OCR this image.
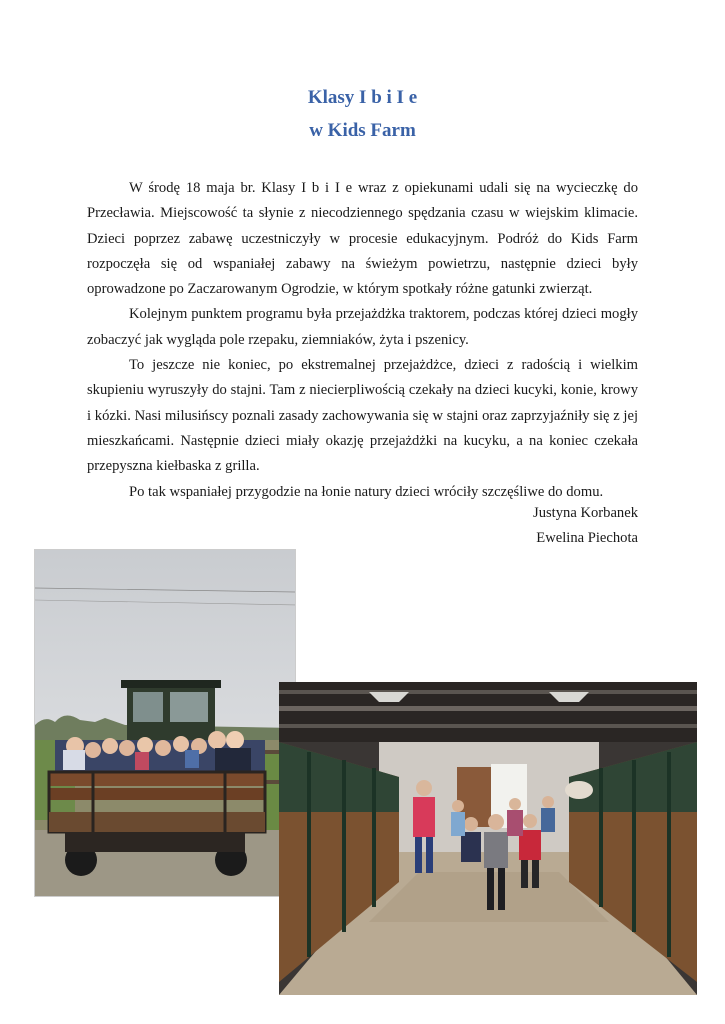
Klasy I b i I e
w Kids Farm

W środę 18 maja br. Klasy I b i I e wraz z opiekunami udali się na wycieczkę do Przecławia. Miejscowość ta słynie z niecodziennego spędzania czasu w wiejskim klimacie. Dzieci poprzez zabawę uczestniczyły w procesie edukacyjnym. Podróż do Kids Farm rozpoczęła się od wspaniałej zabawy na świeżym powietrzu, następnie dzieci były oprowadzone po Zaczarowanym Ogrodzie, w którym spotkały różne gatunki zwierząt.

Kolejnym punktem programu była przejażdżka traktorem, podczas której dzieci mogły zobaczyć jak wygląda pole rzepaku, ziemniaków, żyta i pszenicy.

To jeszcze nie koniec, po ekstremalnej przejażdżce, dzieci z radością i wielkim skupieniu wyruszyły do stajni. Tam z niecierpliwością czekały na dzieci kucyki, konie, krowy i kózki. Nasi milusińscy poznali zasady zachowywania się w stajni oraz zaprzyjaźniły się z jej mieszkańcami. Następnie dzieci miały okazję przejażdżki na kucyku, a na koniec czekała przepyszna kiełbaska z grilla.

Po tak wspaniałej przygodzie na łonie natury dzieci wróciły szczęśliwe do domu.

Justyna Korbanek
Ewelina Piechota
